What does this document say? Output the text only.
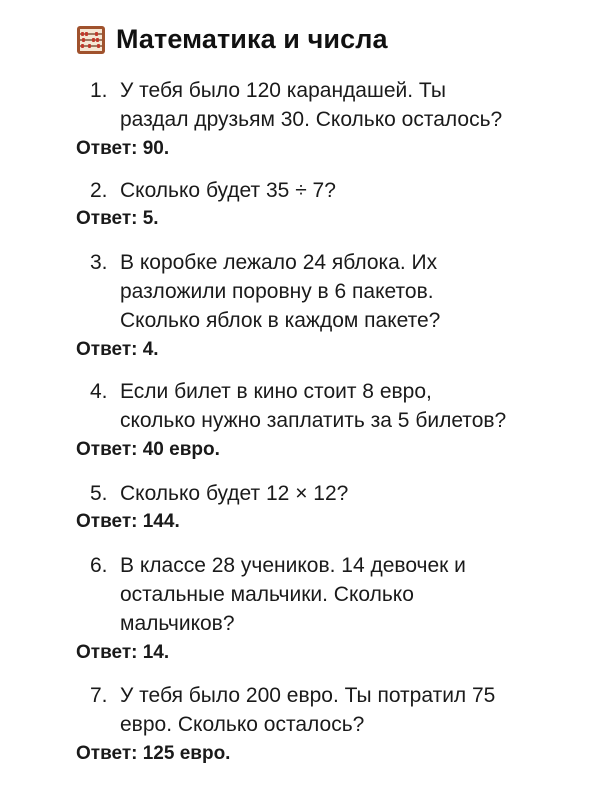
Математика и числа
1. У тебя было 120 карандашей. Ты
раздал друзьям 30. Сколько осталось?
Ответ: 90.
2. Сколько будет 35 ÷ 7?
Ответ: 5.
3. В коробке лежало 24 яблока. Их
разложили поровну в 6 пакетов.
Сколько яблок в каждом пакете?
Ответ: 4.
4. Если билет в кино стоит 8 евро,
сколько нужно заплатить за 5 билетов?
Ответ: 40 евро.
5. Сколько будет 12 × 12?
Ответ: 144.
6. В классе 28 учеников. 14 девочек и
остальные мальчики. Сколько
мальчиков?
Ответ: 14.
7. У тебя было 200 евро. Ты потратил 75
евро. Сколько осталось?
Ответ: 125 евро.
